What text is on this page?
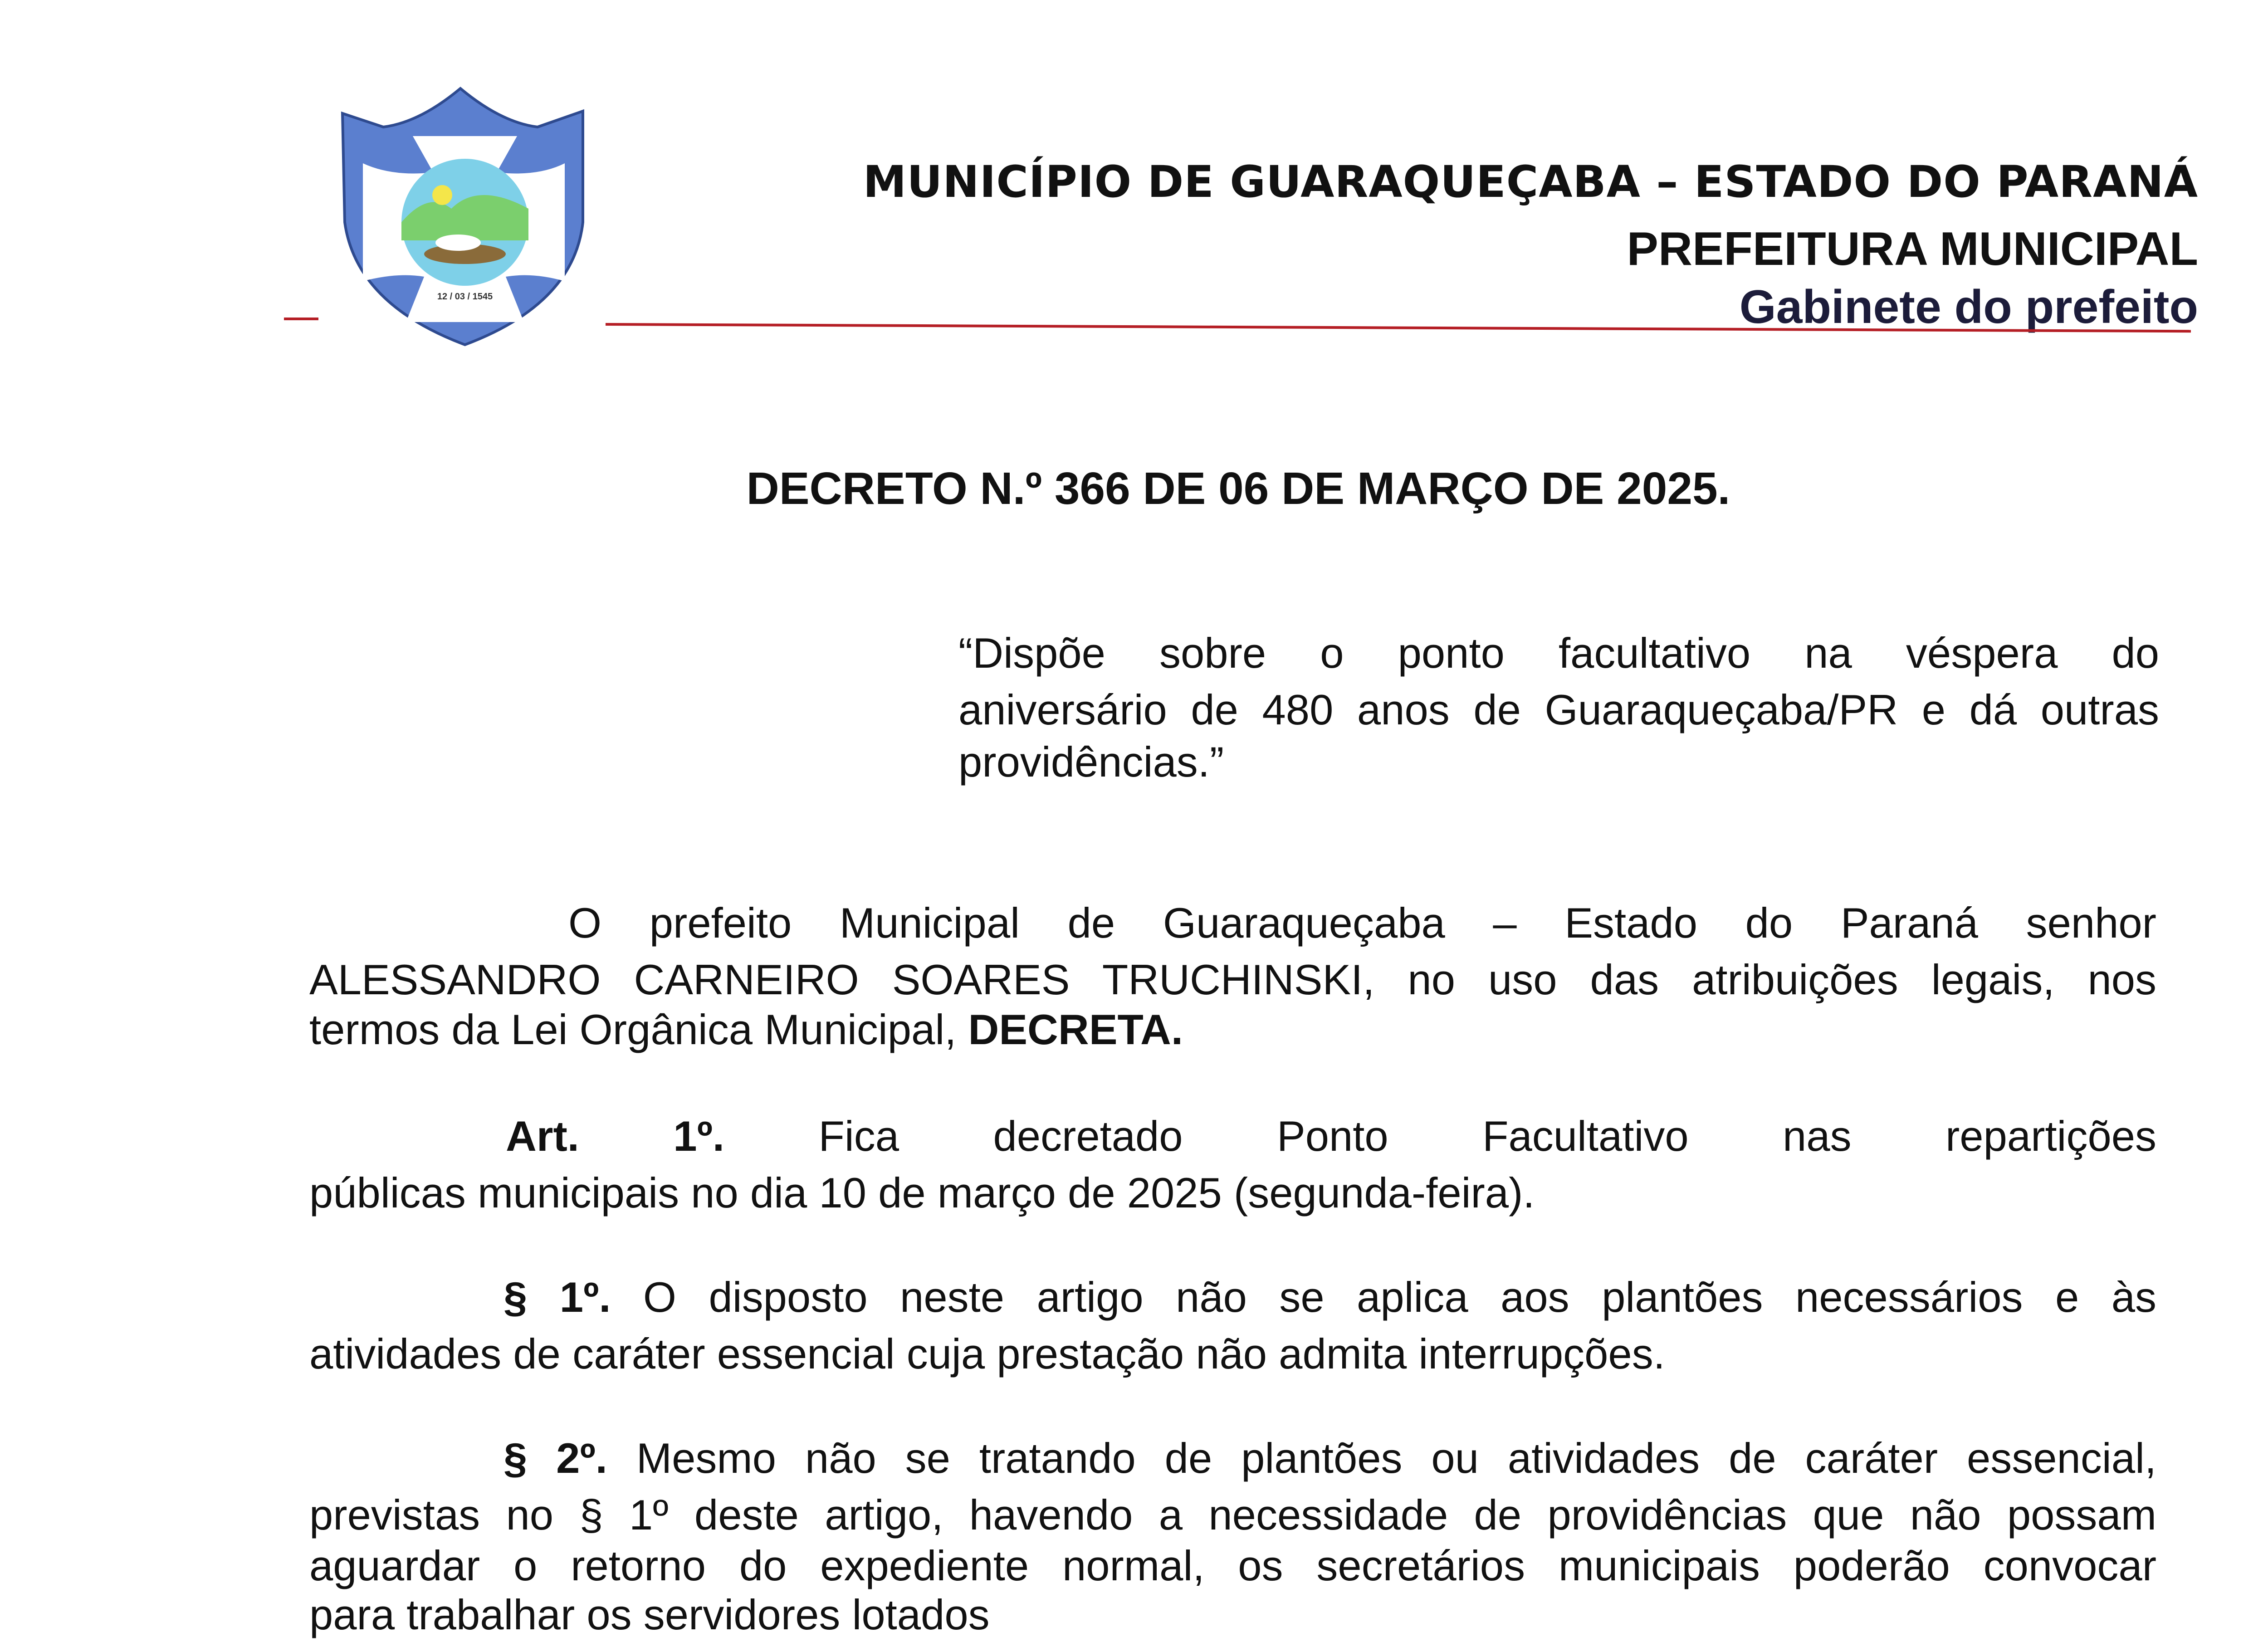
12 / 03 / 1545
MUNICÍPIO DE GUARAQUEÇABA – ESTADO DO PARANÁ
PREFEITURA MUNICIPAL
Gabinete do prefeito
DECRETO N.º 366 DE 06 DE MARÇO DE 2025.
“Dispõe sobre o ponto facultativo na véspera do
aniversário de 480 anos de Guaraqueçaba/PR e dá outras
providências.”
O prefeito Municipal de Guaraqueçaba – Estado do Paraná senhor
ALESSANDRO CARNEIRO SOARES TRUCHINSKI, no uso das atribuições legais, nos
termos da Lei Orgânica Municipal, DECRETA.
Art. 1º. Fica decretado Ponto Facultativo nas repartições
públicas municipais no dia 10 de março de 2025 (segunda-feira).
§ 1º. O disposto neste artigo não se aplica aos plantões necessários e às
atividades de caráter essencial cuja prestação não admita interrupções.
§ 2º. Mesmo não se tratando de plantões ou atividades de caráter essencial,
previstas no § 1º deste artigo, havendo a necessidade de providências que não possam
aguardar o retorno do expediente normal, os secretários municipais poderão convocar
para trabalhar os servidores lotados
